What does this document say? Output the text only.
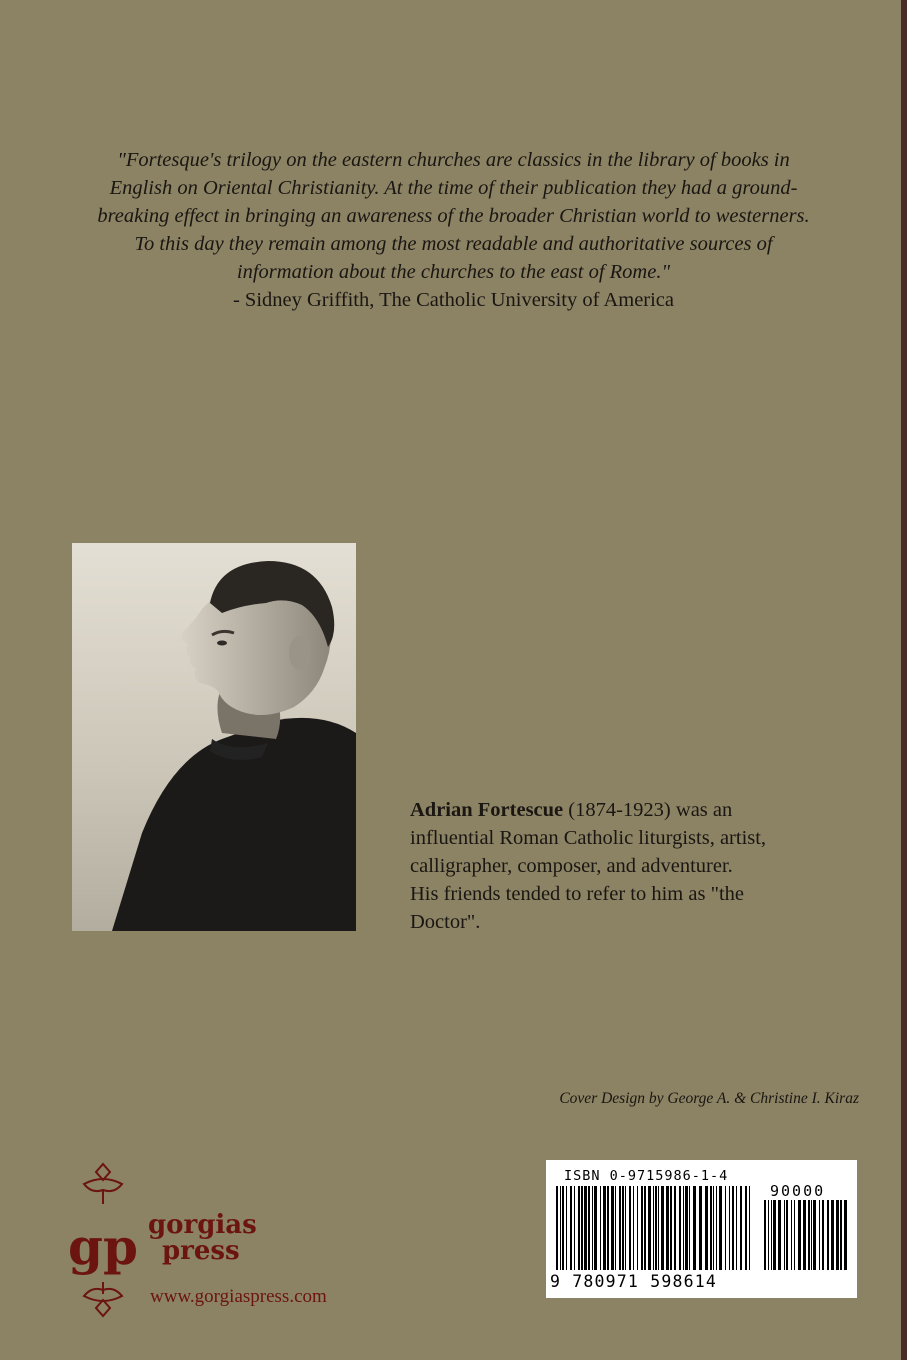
"Fortesque's trilogy on the eastern churches are classics in the library of books in
English on Oriental Christianity. At the time of their publication they had a ground-
breaking effect in bringing an awareness of the broader Christian world to westerners.
To this day they remain among the most readable and authoritative sources of
information about the churches to the east of Rome."
- Sidney Griffith, The Catholic University of America
Adrian Fortescue (1874-1923) was an
influential Roman Catholic liturgists, artist,
calligrapher, composer, and adventurer.
His friends tended to refer to him as "the
Doctor".
Cover Design by George A. & Christine I. Kiraz
gp gorgias
press
www.gorgiaspress.com
ISBN 0-9715986-1-4
90000
9 780971 598614
